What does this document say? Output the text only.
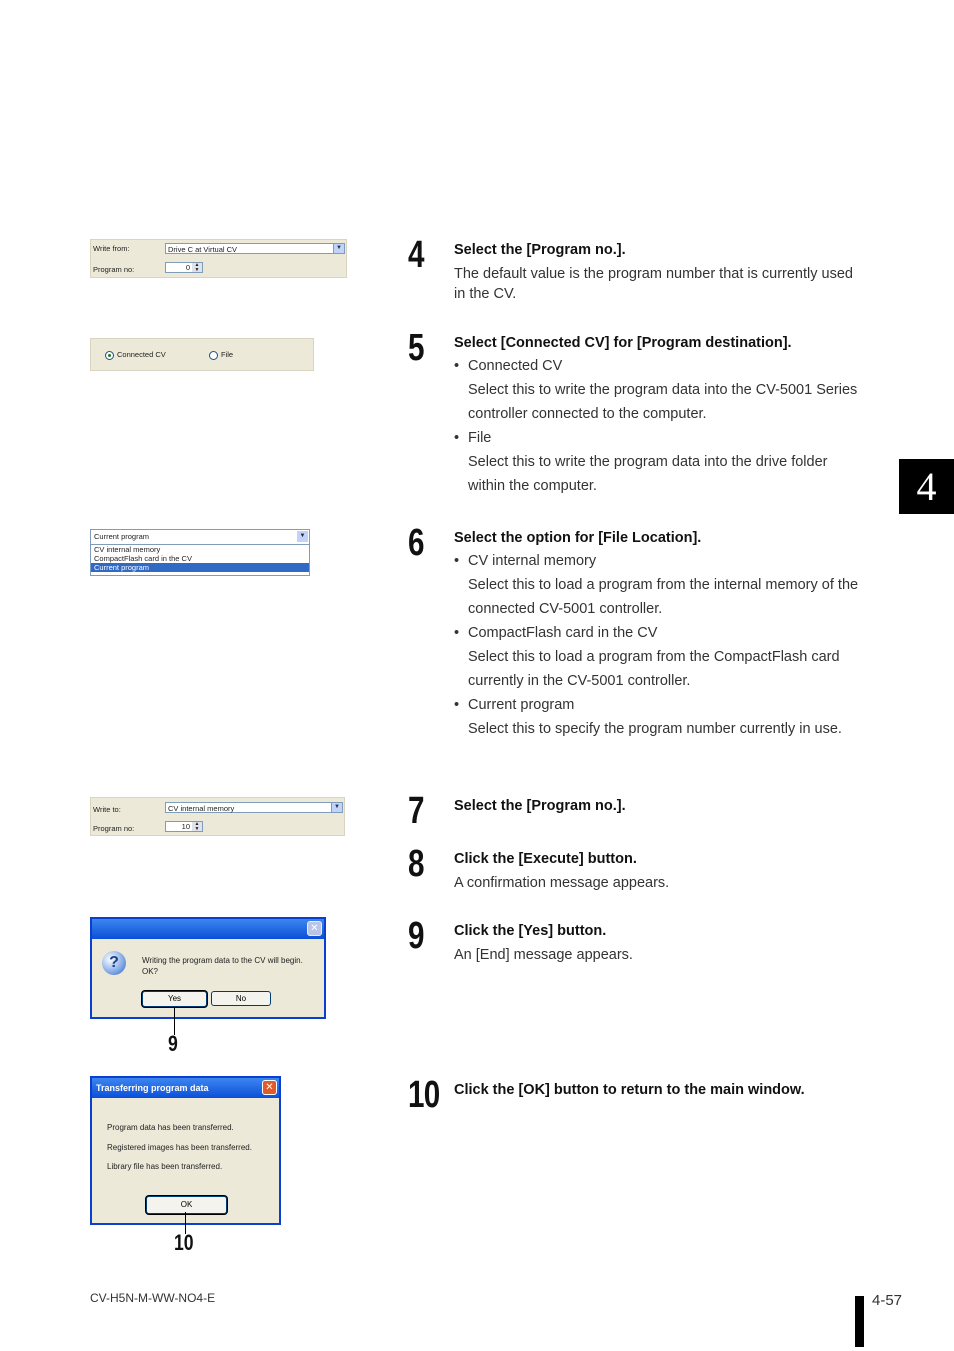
Write from:	Drive C at Virtual CV	▼
Program no:	0 ▲
▼
Connected CV	File
Current program	▼
CV internal memory
CompactFlash card in the CV
Current program
Write to:	CV internal memory	▼
Program no:	10 ▲
▼
✕
?	Writing the program data to the CV will begin.
OK?
Yes	No
9
Transferring program data	✕
Program data has been transferred.
Registered images has been transferred.
Library file has been transferred.
OK
10
4 Select the [Program no.].
The default value is the program number that is currently used in the CV.
5 Select [Connected CV] for [Program destination].
• Connected CV
Select this to write the program data into the CV-5001 Series controller connected to the computer.
• File
Select this to write the program data into the drive folder within the computer.
6 Select the option for [File Location].
• CV internal memory
Select this to load a program from the internal memory of the connected CV-5001 controller.
• CompactFlash card in the CV
Select this to load a program from the CompactFlash card currently in the CV-5001 controller.
• Current program
Select this to specify the program number currently in use.
7 Select the [Program no.].
8 Click the [Execute] button.
A confirmation message appears.
9 Click the [Yes] button.
An [End] message appears.
10 Click the [OK] button to return to the main window.
4
CV-H5N-M-WW-NO4-E	4-57
